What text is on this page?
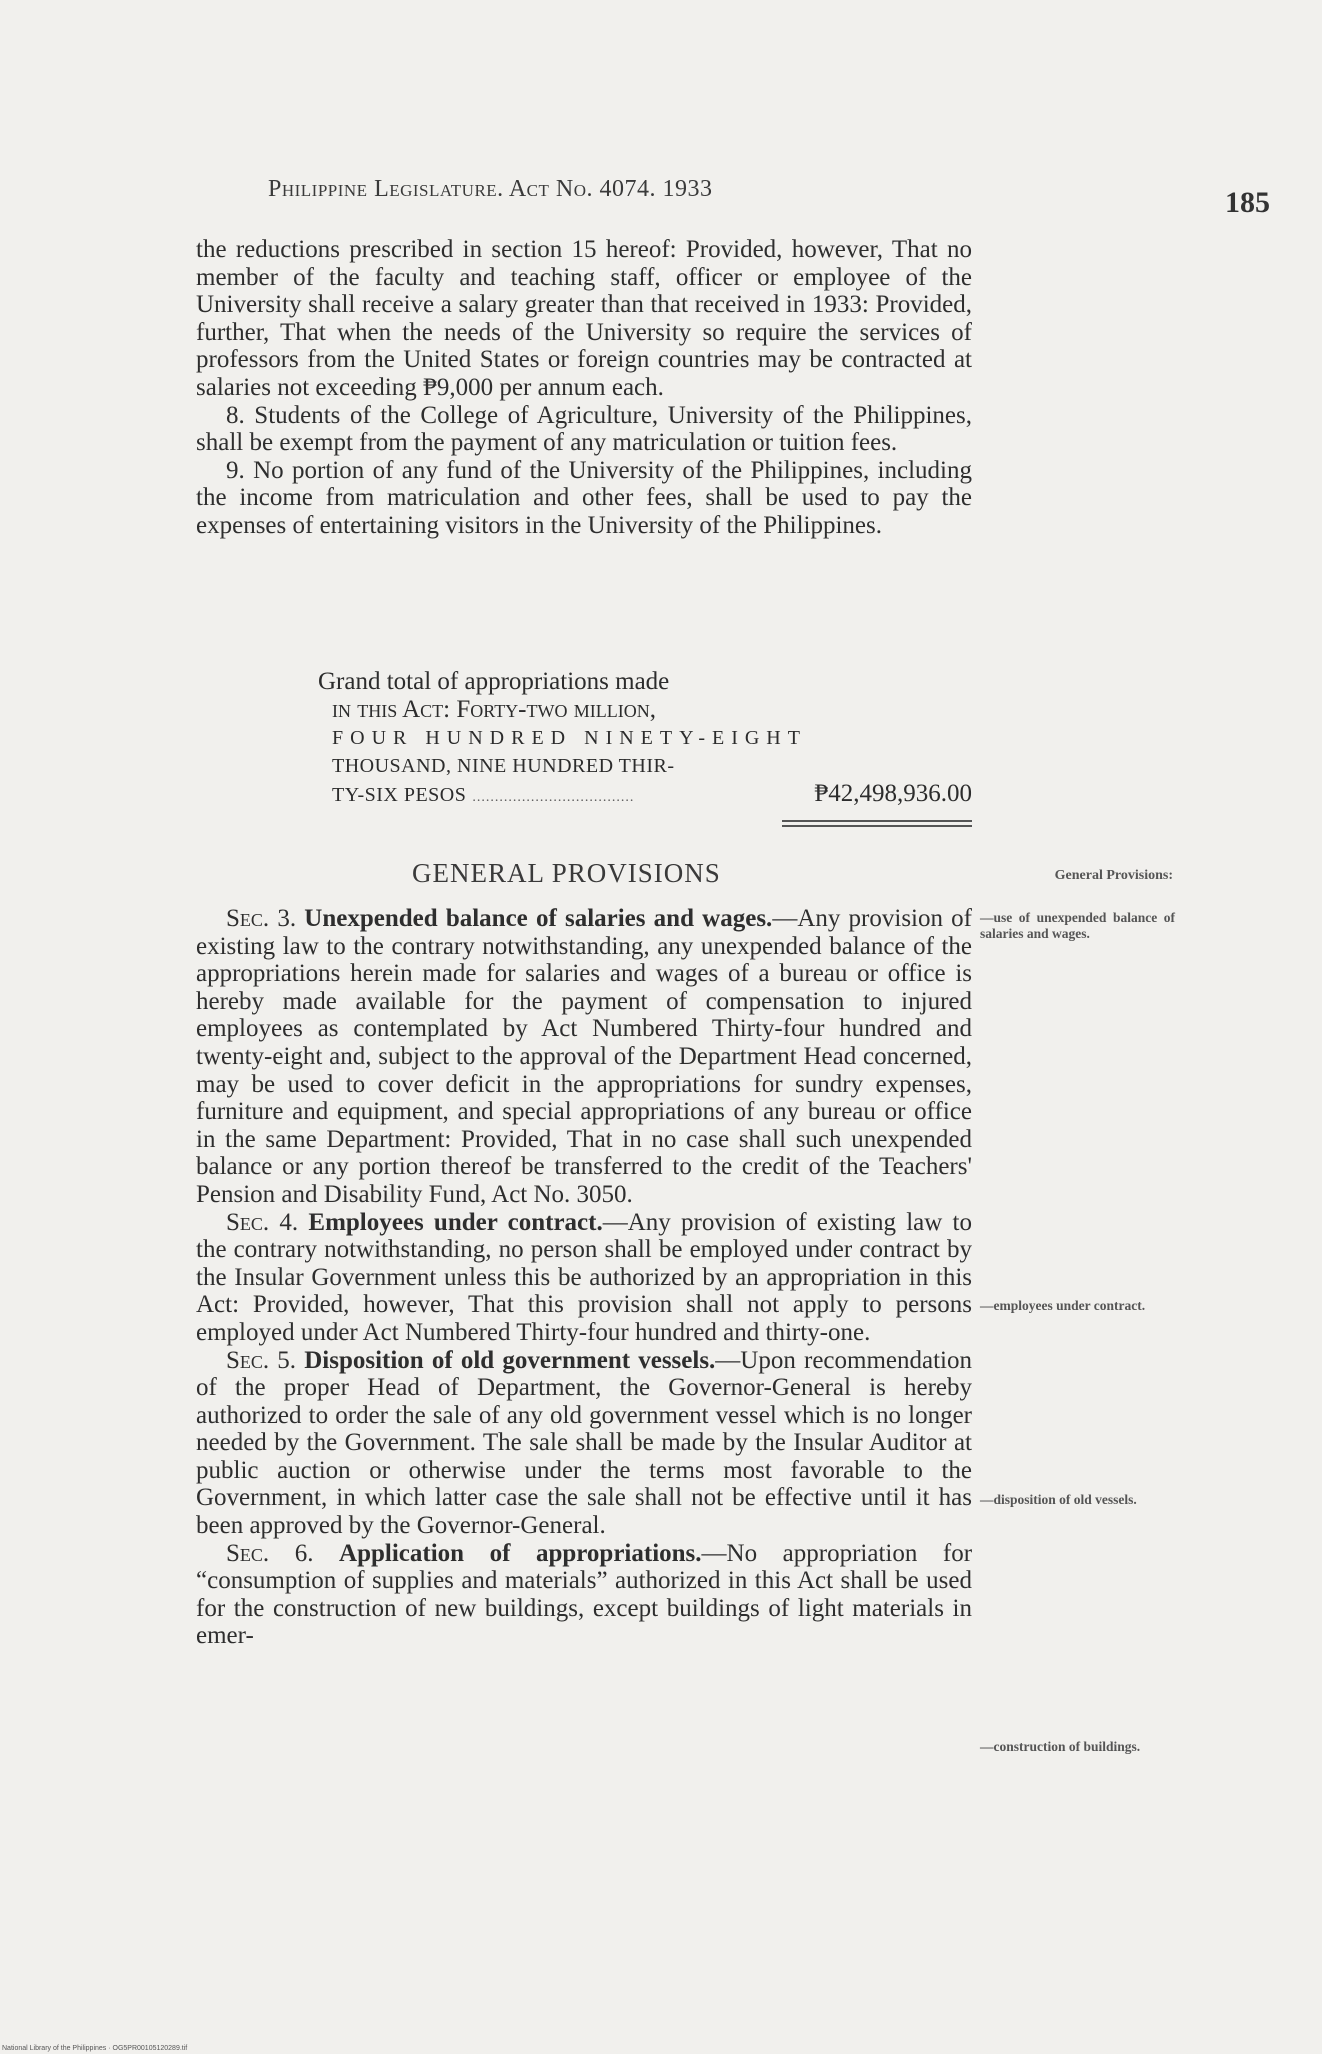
Philippine Legislature. Act No. 4074. 1933	185

the reductions prescribed in section 15 hereof: Provided, however, That no member of the faculty and teaching staff, officer or employee of the University shall receive a salary greater than that received in 1933: Provided, further, That when the needs of the University so require the services of professors from the United States or foreign countries may be contracted at salaries not exceeding ₱9,000 per annum each.

8. Students of the College of Agriculture, University of the Philippines, shall be exempt from the payment of any matriculation or tuition fees.

9. No portion of any fund of the University of the Philippines, including the income from matriculation and other fees, shall be used to pay the expenses of entertaining visitors in the University of the Philippines.

Grand total of appropriations made
in this Act: Forty-two million,
FOUR HUNDRED NINETY-EIGHT
THOUSAND, NINE HUNDRED THIR-
TY-SIX PESOS ....................................	₱42,498,936.00
GENERAL PROVISIONS	General Provisions:

Sec. 3. Unexpended balance of salaries and wages.—Any provision of existing law to the contrary notwithstanding, any unexpended balance of the appropriations herein made for salaries and wages of a bureau or office is hereby made available for the payment of compensation to injured employees as contemplated by Act Numbered Thirty-four hundred and twenty-eight and, subject to the approval of the Department Head concerned, may be used to cover deficit in the appropriations for sundry expenses, furniture and equipment, and special appropriations of any bureau or office in the same Department: Provided, That in no case shall such unexpended balance or any portion thereof be transferred to the credit of the Teachers' Pension and Disability Fund, Act No. 3050.

Sec. 4. Employees under contract.—Any provision of existing law to the contrary notwithstanding, no person shall be employed under contract by the Insular Government unless this be authorized by an appropriation in this Act: Provided, however, That this provision shall not apply to persons employed under Act Numbered Thirty-four hundred and thirty-one.

Sec. 5. Disposition of old government vessels.—Upon recommendation of the proper Head of Department, the Governor-General is hereby authorized to order the sale of any old government vessel which is no longer needed by the Government. The sale shall be made by the Insular Auditor at public auction or otherwise under the terms most favorable to the Government, in which latter case the sale shall not be effective until it has been approved by the Governor-General.

Sec. 6. Application of appropriations.—No appropriation for “consumption of supplies and materials” authorized in this Act shall be used for the construction of new buildings, except buildings of light materials in emer-

—use of unexpended balance of salaries and wages.
—employees under contract.
—disposition of old vessels.
—construction of buildings.
National Library of the Philippines · OG5PR00105120289.tif
